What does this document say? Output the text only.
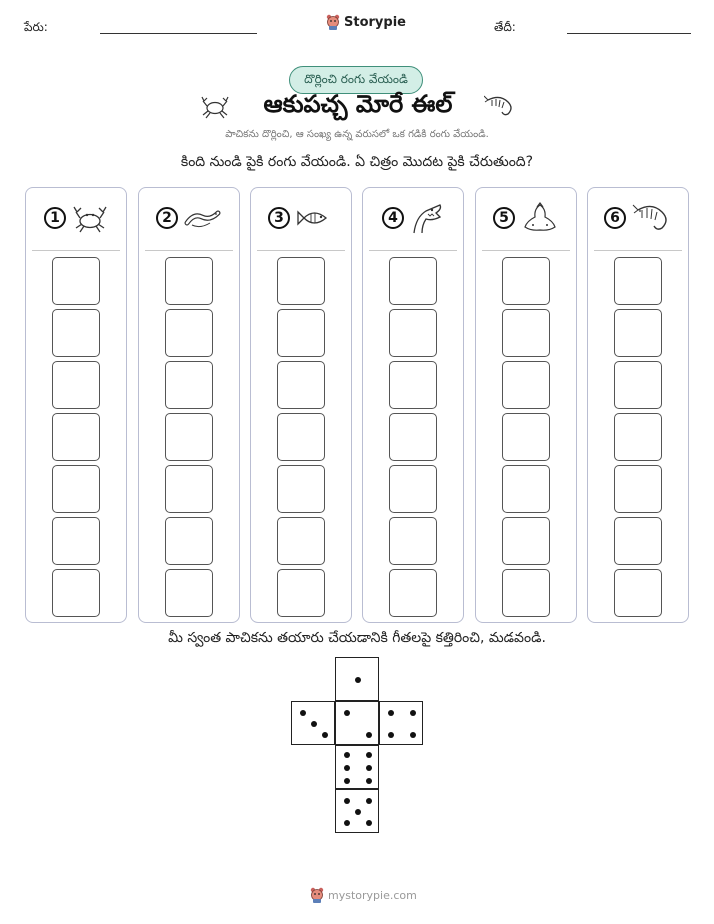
పేరు:	Storypie	తేదీ:
దొర్లించి రంగు వేయండి
ఆకుపచ్చ మోరే ఈల్
పాచికను దొర్లించి, ఆ సంఖ్య ఉన్న వరుసలో ఒక గడికి రంగు వేయండి.
కింది నుండి పైకి రంగు వేయండి. ఏ చిత్రం మొదట పైకి చేరుతుంది?
1	2	3	4	5	6
మీ స్వంత పాచికను తయారు చేయడానికి గీతలపై కత్తిరించి, మడవండి.
mystorypie.com
